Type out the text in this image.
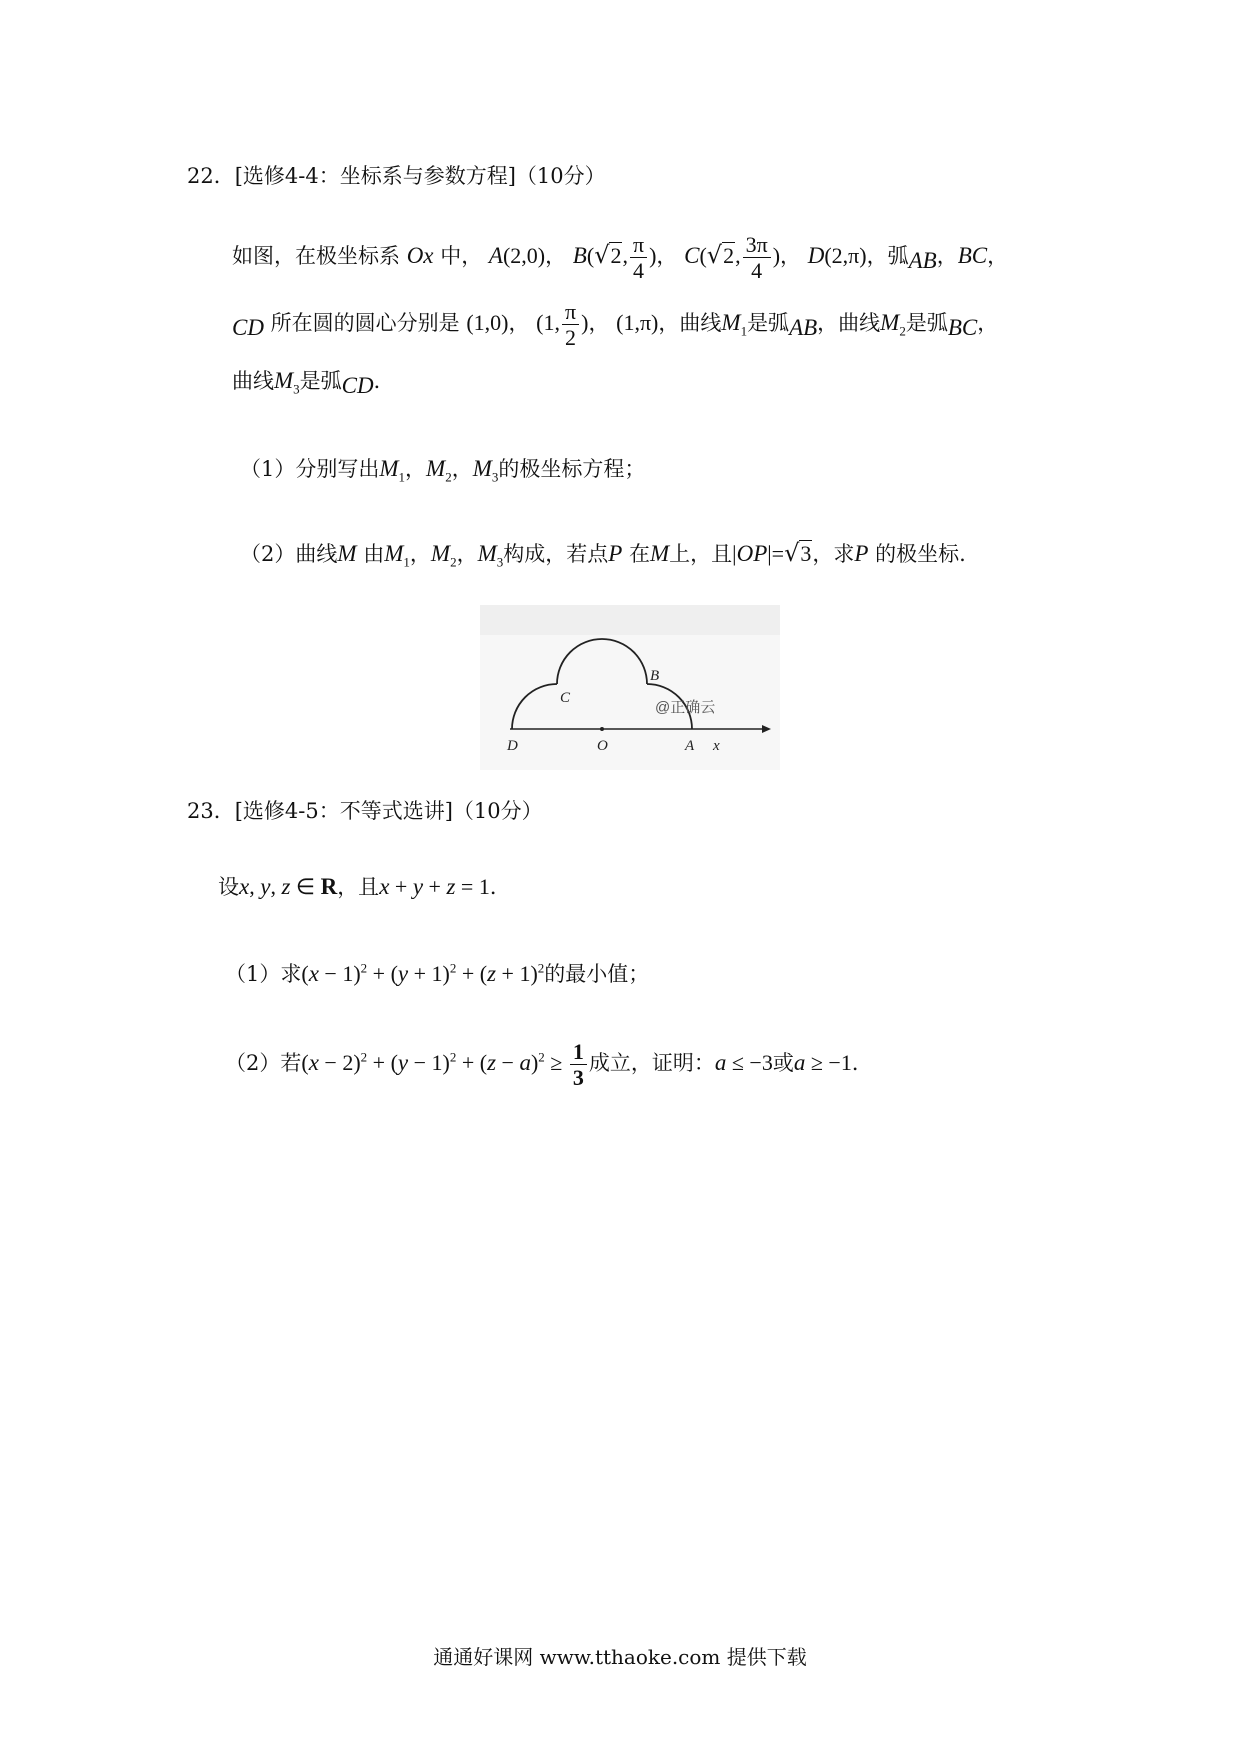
22．[选修4-4：坐标系与参数方程]（10分）
如图，在极坐标系 Ox 中， A(2,0)， B(√2, $\frac{\pi}{4}$ )， C(√2, $\frac{3\pi}{4}$ )， D(2,π)，弧AB，BC，
CD 所在圆的圆心分别是 (1,0)， (1, $\frac{\pi}{2}$ )， (1,π)，曲线$M_1$是弧AB，曲线$M_2$是弧BC，
曲线$M_3$是弧CD．
（1）分别写出$M_1$，$M_2$，$M_3$的极坐标方程；
（2）曲线M 由$M_1$，$M_2$，$M_3$构成，若点P 在M上，且|OP|=√3，求P 的极坐标.
D	O	A x
C
B
@正确云
23．[选修4-5：不等式选讲]（10分）
设x, y, z ∈ R，且x + y + z = 1．
（1）求$(x - 1)^2 + (y + 1)^2 + (z + 1)^2$的最小值；
（2）若$(x - 2)^2 + (y - 1)^2 + (z - a)^2 \ge \frac{1}{3}$ 成立，证明：a ≤ −3或a ≥ −1．
通通好课网 www.tthaoke.com 提供下载
